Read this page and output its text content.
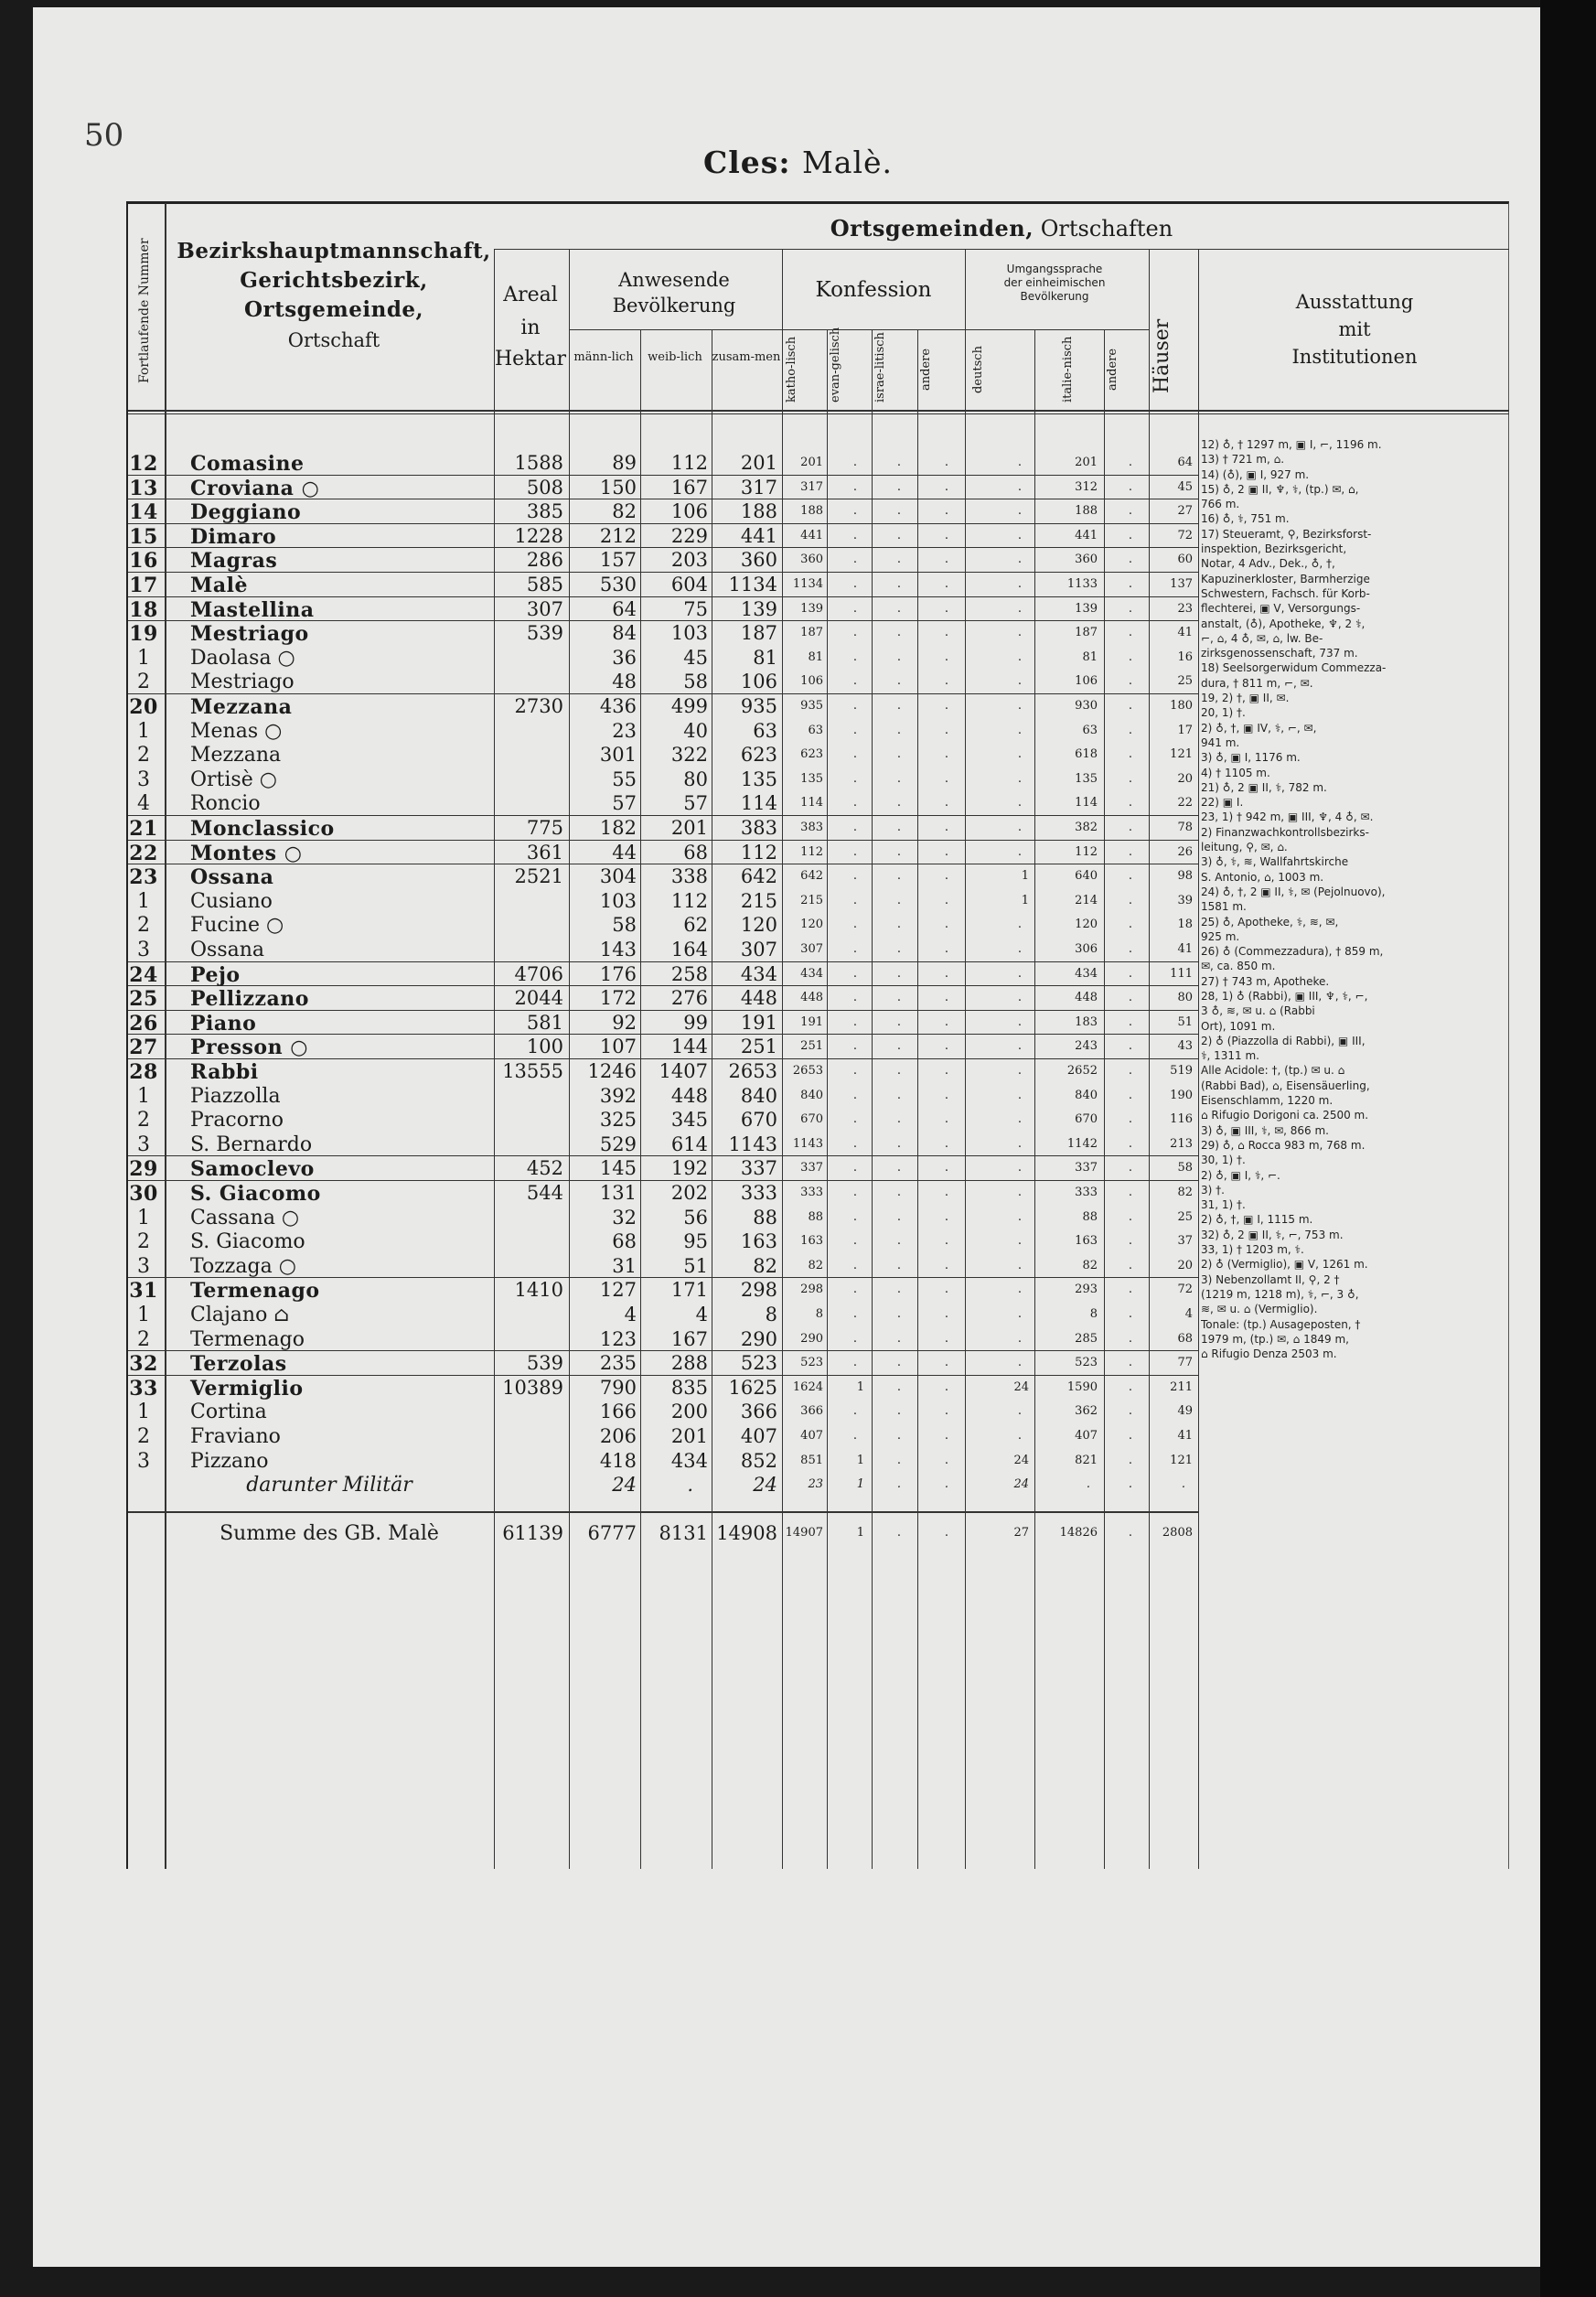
50
Cles: Malè.
Fortlaufende Nummer	Bezirkshauptmannschaft,
Gerichtsbezirk,
Ortsgemeinde,
Ortschaft
Ortsgemeinden, Ortschaften
Areal
in
Hektar
Anwesende
Bevölkerung
männ-lich	weib-lich zusam-men
Konfession
katho-lisch	evan-gelisch	israe-litisch	andere
Umgangssprache
der einheimischen
Bevölkerung
deutsch	italie-nisch	andere	Häuser
Ausstattung
mit
Institutionen
12 Comasine	1588	89	112	201	201	.	.	.	.	201	.	64
13 Croviana ○	508	150	167	317	317	.	.	.	.	312	.	45
14 Deggiano	385	82	106	188	188	.	.	.	.	188	.	27
15 Dimaro	1228	212	229	441	441	.	.	.	.	441	.	72
16 Magras	286	157	203	360	360	.	.	.	.	360	.	60
17 Malè	585	530	604	1134	1134	.	.	.	.	1133	.	137
18 Mastellina	307	64	75	139	139	.	.	.	.	139	.	23
19 Mestriago	539	84	103	187	187	.	.	.	.	187	.	41
1	Daolasa ○	36	45	81	81	.	.	.	.	81	.	16
2	Mestriago	48	58	106	106	.	.	.	.	106	.	25
20 Mezzana	2730	436	499	935	935	.	.	.	.	930	.	180
1	Menas ○	23	40	63	63	.	.	.	.	63	.	17
2	Mezzana	301	322	623	623	.	.	.	.	618	.	121
3	Ortisè ○	55	80	135	135	.	.	.	.	135	.	20
4	Roncio	57	57	114	114	.	.	.	.	114	.	22
21 Monclassico	775	182	201	383	383	.	.	.	.	382	.	78
22 Montes ○	361	44	68	112	112	.	.	.	.	112	.	26
23 Ossana	2521	304	338	642	642	.	.	.	1	640	.	98
1	Cusiano	103	112	215	215	.	.	.	1	214	.	39
2	Fucine ○	58	62	120	120	.	.	.	.	120	.	18
3	Ossana	143	164	307	307	.	.	.	.	306	.	41
24 Pejo	4706	176	258	434	434	.	.	.	.	434	.	111
25 Pellizzano	2044	172	276	448	448	.	.	.	.	448	.	80
26 Piano	581	92	99	191	191	.	.	.	.	183	.	51
27 Presson ○	100	107	144	251	251	.	.	.	.	243	.	43
28 Rabbi	13555	1246	1407	2653	2653	.	.	.	.	2652	.	519
1	Piazzolla	392	448	840	840	.	.	.	.	840	.	190
2	Pracorno	325	345	670	670	.	.	.	.	670	.	116
3	S. Bernardo	529	614	1143	1143	.	.	.	.	1142	.	213
29 Samoclevo	452	145	192	337	337	.	.	.	.	337	.	58
30 S. Giacomo	544	131	202	333	333	.	.	.	.	333	.	82
1	Cassana ○	32	56	88	88	.	.	.	.	88	.	25
2	S. Giacomo	68	95	163	163	.	.	.	.	163	.	37
3	Tozzaga ○	31	51	82	82	.	.	.	.	82	.	20
31 Termenago	1410	127	171	298	298	.	.	.	.	293	.	72
1	Clajano ⌂	4	4	8	8	.	.	.	.	8	.	4
2	Termenago	123	167	290	290	.	.	.	.	285	.	68
32 Terzolas	539	235	288	523	523	.	.	.	.	523	.	77
33 Vermiglio	10389	790	835	1625	1624	1	.	.	24	1590	.	211
1	Cortina	166	200	366	366	.	.	.	.	362	.	49
2	Fraviano	206	201	407	407	.	.	.	.	407	.	41
3	Pizzano	418	434	852	851	1	.	.	24	821	.	121
darunter Militär	24	.	24	23	1	.	.	24	.	.	.
Summe des GB. Malè	61139	6777	8131 14908 14907	1	.	.	27	14826	.	2808
12) ♁, † 1297 m, ▣ I, ⌐, 1196 m.
13) † 721 m, ⌂.
14) (♁), ▣ I, 927 m.
15) ♁, 2 ▣ II, ♆, ⚕, (tp.) ✉, ⌂,
766 m.
16) ♁, ⚕, 751 m.
17) Steueramt, ⚲, Bezirksforst-
inspektion, Bezirksgericht,
Notar, 4 Adv., Dek., ♁, †,
Kapuzinerkloster, Barmherzige
Schwestern, Fachsch. für Korb-
flechterei, ▣ V, Versorgungs-
anstalt, (♁), Apotheke, ♆, 2 ⚕,
⌐, ⌂, 4 ♁, ✉, ⌂, lw. Be-
zirksgenossenschaft, 737 m.
18) Seelsorgerwidum Commezza-
dura, † 811 m, ⌐, ✉.
19, 2) †, ▣ II, ✉.
20, 1) †.
2) ♁, †, ▣ IV, ⚕, ⌐, ✉,
941 m.
3) ♁, ▣ I, 1176 m.
4) † 1105 m.
21) ♁, 2 ▣ II, ⚕, 782 m.
22) ▣ I.
23, 1) † 942 m, ▣ III, ♆, 4 ♁, ✉.
2) Finanzwachkontrollsbezirks-
leitung, ⚲, ✉, ⌂.
3) ♁, ⚕, ≋, Wallfahrtskirche
S. Antonio, ⌂, 1003 m.
24) ♁, †, 2 ▣ II, ⚕, ✉ (Pejolnuovo),
1581 m.
25) ♁, Apotheke, ⚕, ≋, ✉,
925 m.
26) ♁ (Commezzadura), † 859 m,
✉, ca. 850 m.
27) † 743 m, Apotheke.
28, 1) ♁ (Rabbi), ▣ III, ♆, ⚕, ⌐,
3 ♁, ≋, ✉ u. ⌂ (Rabbi
Ort), 1091 m.
2) ♁ (Piazzolla di Rabbi), ▣ III,
⚕, 1311 m.
Alle Acidole: †, (tp.) ✉ u. ⌂
(Rabbi Bad), ⌂, Eisensäuerling,
Eisenschlamm, 1220 m.
⌂ Rifugio Dorigoni ca. 2500 m.
3) ♁, ▣ III, ⚕, ✉, 866 m.
29) ♁, ⌂ Rocca 983 m, 768 m.
30, 1) †.
2) ♁, ▣ I, ⚕, ⌐.
3) †.
31, 1) †.
2) ♁, †, ▣ I, 1115 m.
32) ♁, 2 ▣ II, ⚕, ⌐, 753 m.
33, 1) † 1203 m, ⚕.
2) ♁ (Vermiglio), ▣ V, 1261 m.
3) Nebenzollamt II, ⚲, 2 †
(1219 m, 1218 m), ⚕, ⌐, 3 ♁,
≋, ✉ u. ⌂ (Vermiglio).
Tonale: (tp.) Ausageposten, †
1979 m, (tp.) ✉, ⌂ 1849 m,
⌂ Rifugio Denza 2503 m.
